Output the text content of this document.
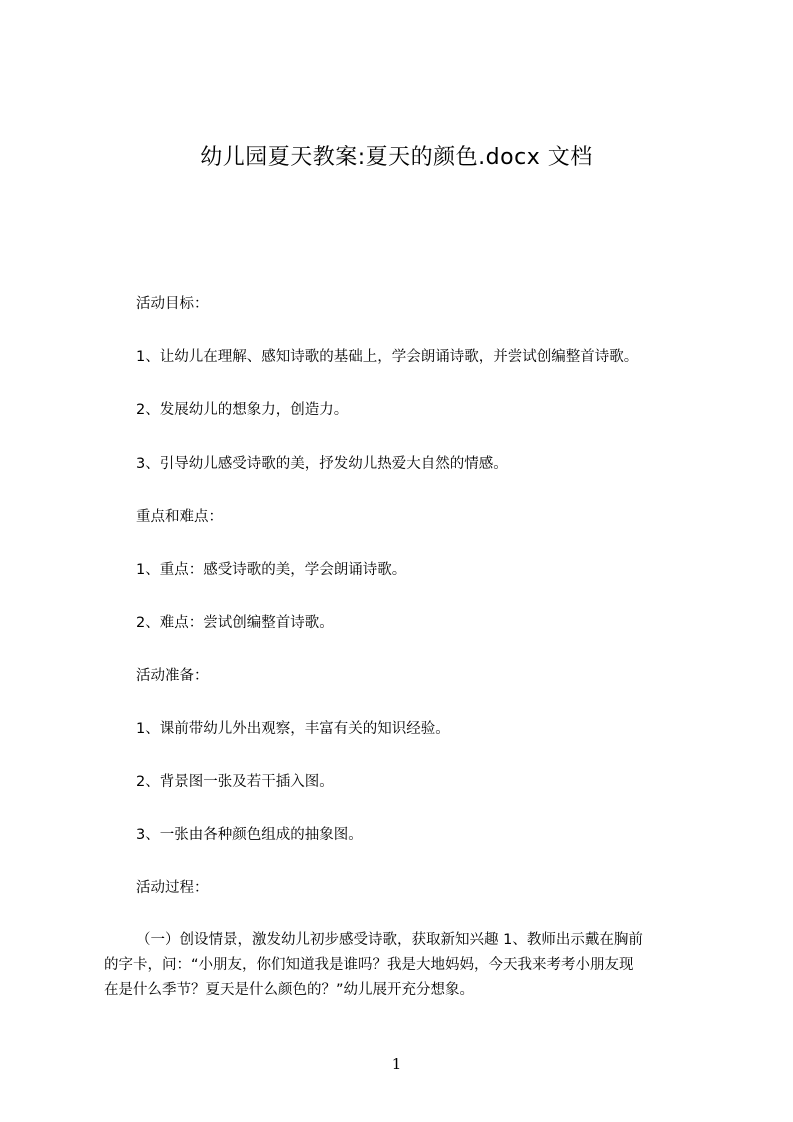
幼儿园夏天教案:夏天的颜色.docx 文档
活动目标：
1、让幼儿在理解、感知诗歌的基础上，学会朗诵诗歌，并尝试创编整首诗歌。
2、发展幼儿的想象力，创造力。
3、引导幼儿感受诗歌的美，抒发幼儿热爱大自然的情感。
重点和难点：
1、重点：感受诗歌的美，学会朗诵诗歌。
2、难点：尝试创编整首诗歌。
活动准备：
1、课前带幼儿外出观察，丰富有关的知识经验。
2、背景图一张及若干插入图。
3、一张由各种颜色组成的抽象图。
活动过程：
（一）创设情景，激发幼儿初步感受诗歌，获取新知兴趣 1、教师出示戴在胸前
的字卡，问：“小朋友，你们知道我是谁吗？我是大地妈妈，今天我来考考小朋友现
在是什么季节？夏天是什么颜色的？”幼儿展开充分想象。
1
